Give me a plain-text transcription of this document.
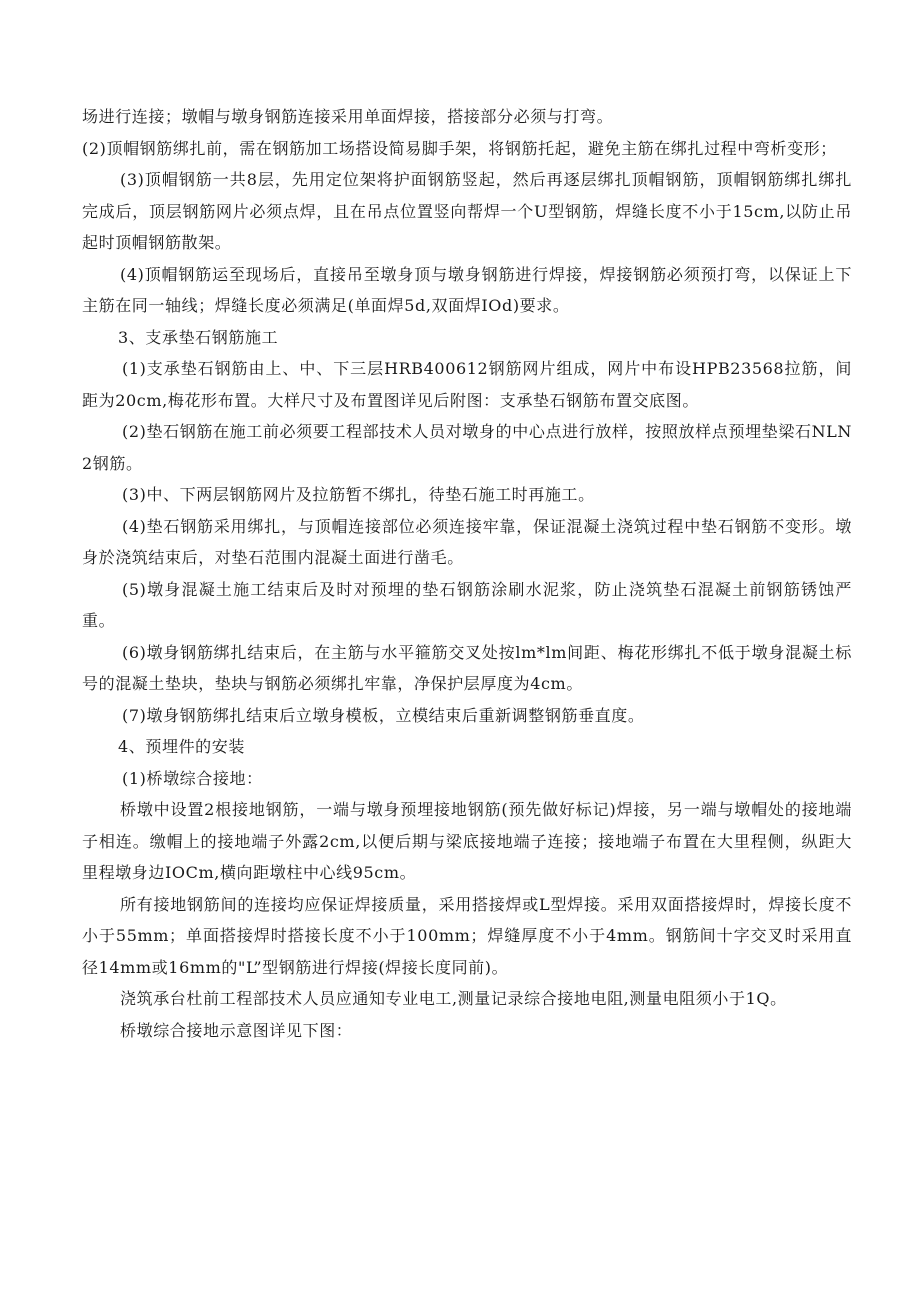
场进行连接；墩帽与墩身钢筋连接采用单面焊接，搭接部分必须与打弯。

(2)顶帽钢筋绑扎前，需在钢筋加工场搭设简易脚手架，将钢筋托起，避免主筋在绑扎过程中弯析变形；

(3)顶帽钢筋一共8层，先用定位架将护面钢筋竖起，然后再逐层绑扎顶帽钢筋，顶帽钢筋绑扎绑扎完成后，顶层钢筋网片必须点焊，且在吊点位置竖向帮焊一个U型钢筋，焊缝长度不小于15cm,以防止吊起时顶帽钢筋散架。

(4)顶帽钢筋运至现场后，直接吊至墩身顶与墩身钢筋进行焊接，焊接钢筋必须预打弯，以保证上下主筋在同一轴线；焊缝长度必须满足(单面焊5d,双面焊IOd)要求。

3、支承垫石钢筋施工

(1)支承垫石钢筋由上、中、下三层HRB400612钢筋网片组成，网片中布设HPB23568拉筋，间距为20cm,梅花形布置。大样尺寸及布置图详见后附图：支承垫石钢筋布置交底图。

(2)垫石钢筋在施工前必须要工程部技术人员对墩身的中心点进行放样，按照放样点预埋垫梁石NLN2钢筋。

(3)中、下两层钢筋网片及拉筋暂不绑扎，待垫石施工时再施工。

(4)垫石钢筋采用绑扎，与顶帽连接部位必须连接牢靠，保证混凝土浇筑过程中垫石钢筋不变形。墩身於浇筑结束后，对垫石范围内混凝土面进行凿毛。

(5)墩身混凝土施工结束后及时对预埋的垫石钢筋涂刷水泥浆，防止浇筑垫石混凝土前钢筋锈蚀严重。

(6)墩身钢筋绑扎结束后，在主筋与水平箍筋交叉处按lm*lm间距、梅花形绑扎不低于墩身混凝土标号的混凝土垫块，垫块与钢筋必须绑扎牢靠，净保护层厚度为4cm。

(7)墩身钢筋绑扎结束后立墩身模板，立模结束后重新调整钢筋垂直度。

4、预埋件的安装

(1)桥墩综合接地：

桥墩中设置2根接地钢筋，一端与墩身预埋接地钢筋(预先做好标记)焊接，另一端与墩帽处的接地端子相连。缴帽上的接地端子外露2cm,以便后期与梁底接地端子连接；接地端子布置在大里程侧，纵距大里程墩身边IOCm,横向距墩柱中心线95cm。

所有接地钢筋间的连接均应保证焊接质量，采用搭接焊或L型焊接。采用双面搭接焊时，焊接长度不小于55mm；单面搭接焊时搭接长度不小于100mm；焊缝厚度不小于4mm。钢筋间十字交叉时采用直径14mm或16mm的"L”型钢筋进行焊接(焊接长度同前)。

浇筑承台杜前工程部技术人员应通知专业电工,测量记录综合接地电阻,测量电阻须小于1Q。

桥墩综合接地示意图详见下图：
